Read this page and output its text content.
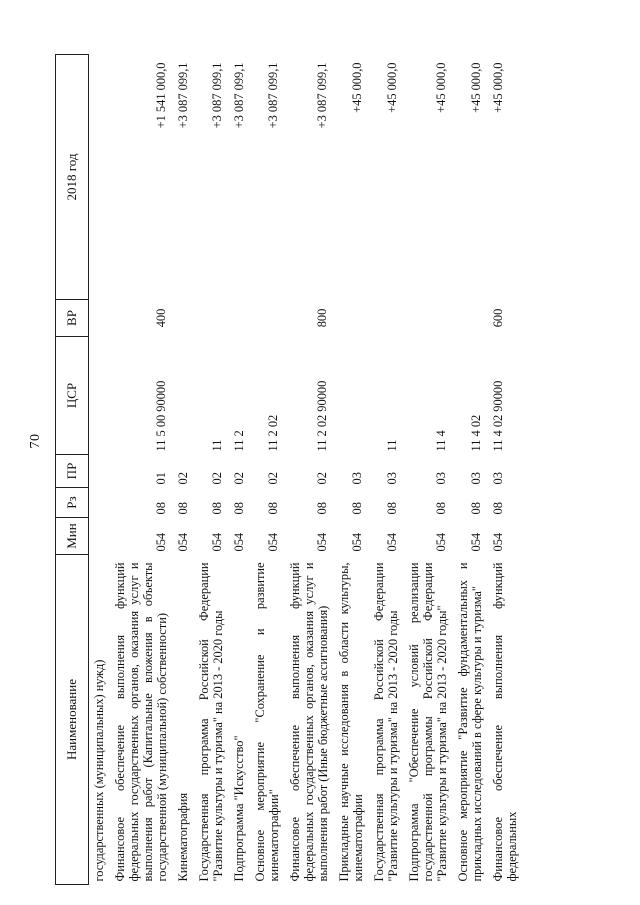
70
Наименование	Мин	Рз	ПР	ЦСР	ВР	2018 год
государственных (муниципальных) нужд)						
Финансовое обеспечение выполнения функций федеральных государственных органов, оказания услуг и выполнения работ (Капитальные вложения в объекты государственной (муниципальной) собственности)	054	08	01	11 5 00 90000	400	+1 541 000,0
Кинематография	054	08	02			+3 087 099,1
Государственная программа Российской Федерации "Развитие культуры и туризма" на 2013 - 2020 годы	054	08	02	11		+3 087 099,1
Подпрограмма "Искусство"	054	08	02	11 2		+3 087 099,1
Основное мероприятие "Сохранение и развитие кинематографии"	054	08	02	11 2 02		+3 087 099,1
Финансовое обеспечение выполнения функций федеральных государственных органов, оказания услуг и выполнения работ (Иные бюджетные ассигнования)	054	08	02	11 2 02 90000	800	+3 087 099,1
Прикладные научные исследования в области культуры, кинематографии	054	08	03			+45 000,0
Государственная программа Российской Федерации "Развитие культуры и туризма" на 2013 - 2020 годы	054	08	03	11		+45 000,0
Подпрограмма "Обеспечение условий реализации государственной программы Российской Федерации "Развитие культуры и туризма" на 2013 - 2020 годы"	054	08	03	11 4		+45 000,0
Основное мероприятие "Развитие фундаментальных и прикладных исследований в сфере культуры и туризма"	054	08	03	11 4 02		+45 000,0
Финансовое обеспечение выполнения функций федеральных	054	08	03	11 4 02 90000	600	+45 000,0
